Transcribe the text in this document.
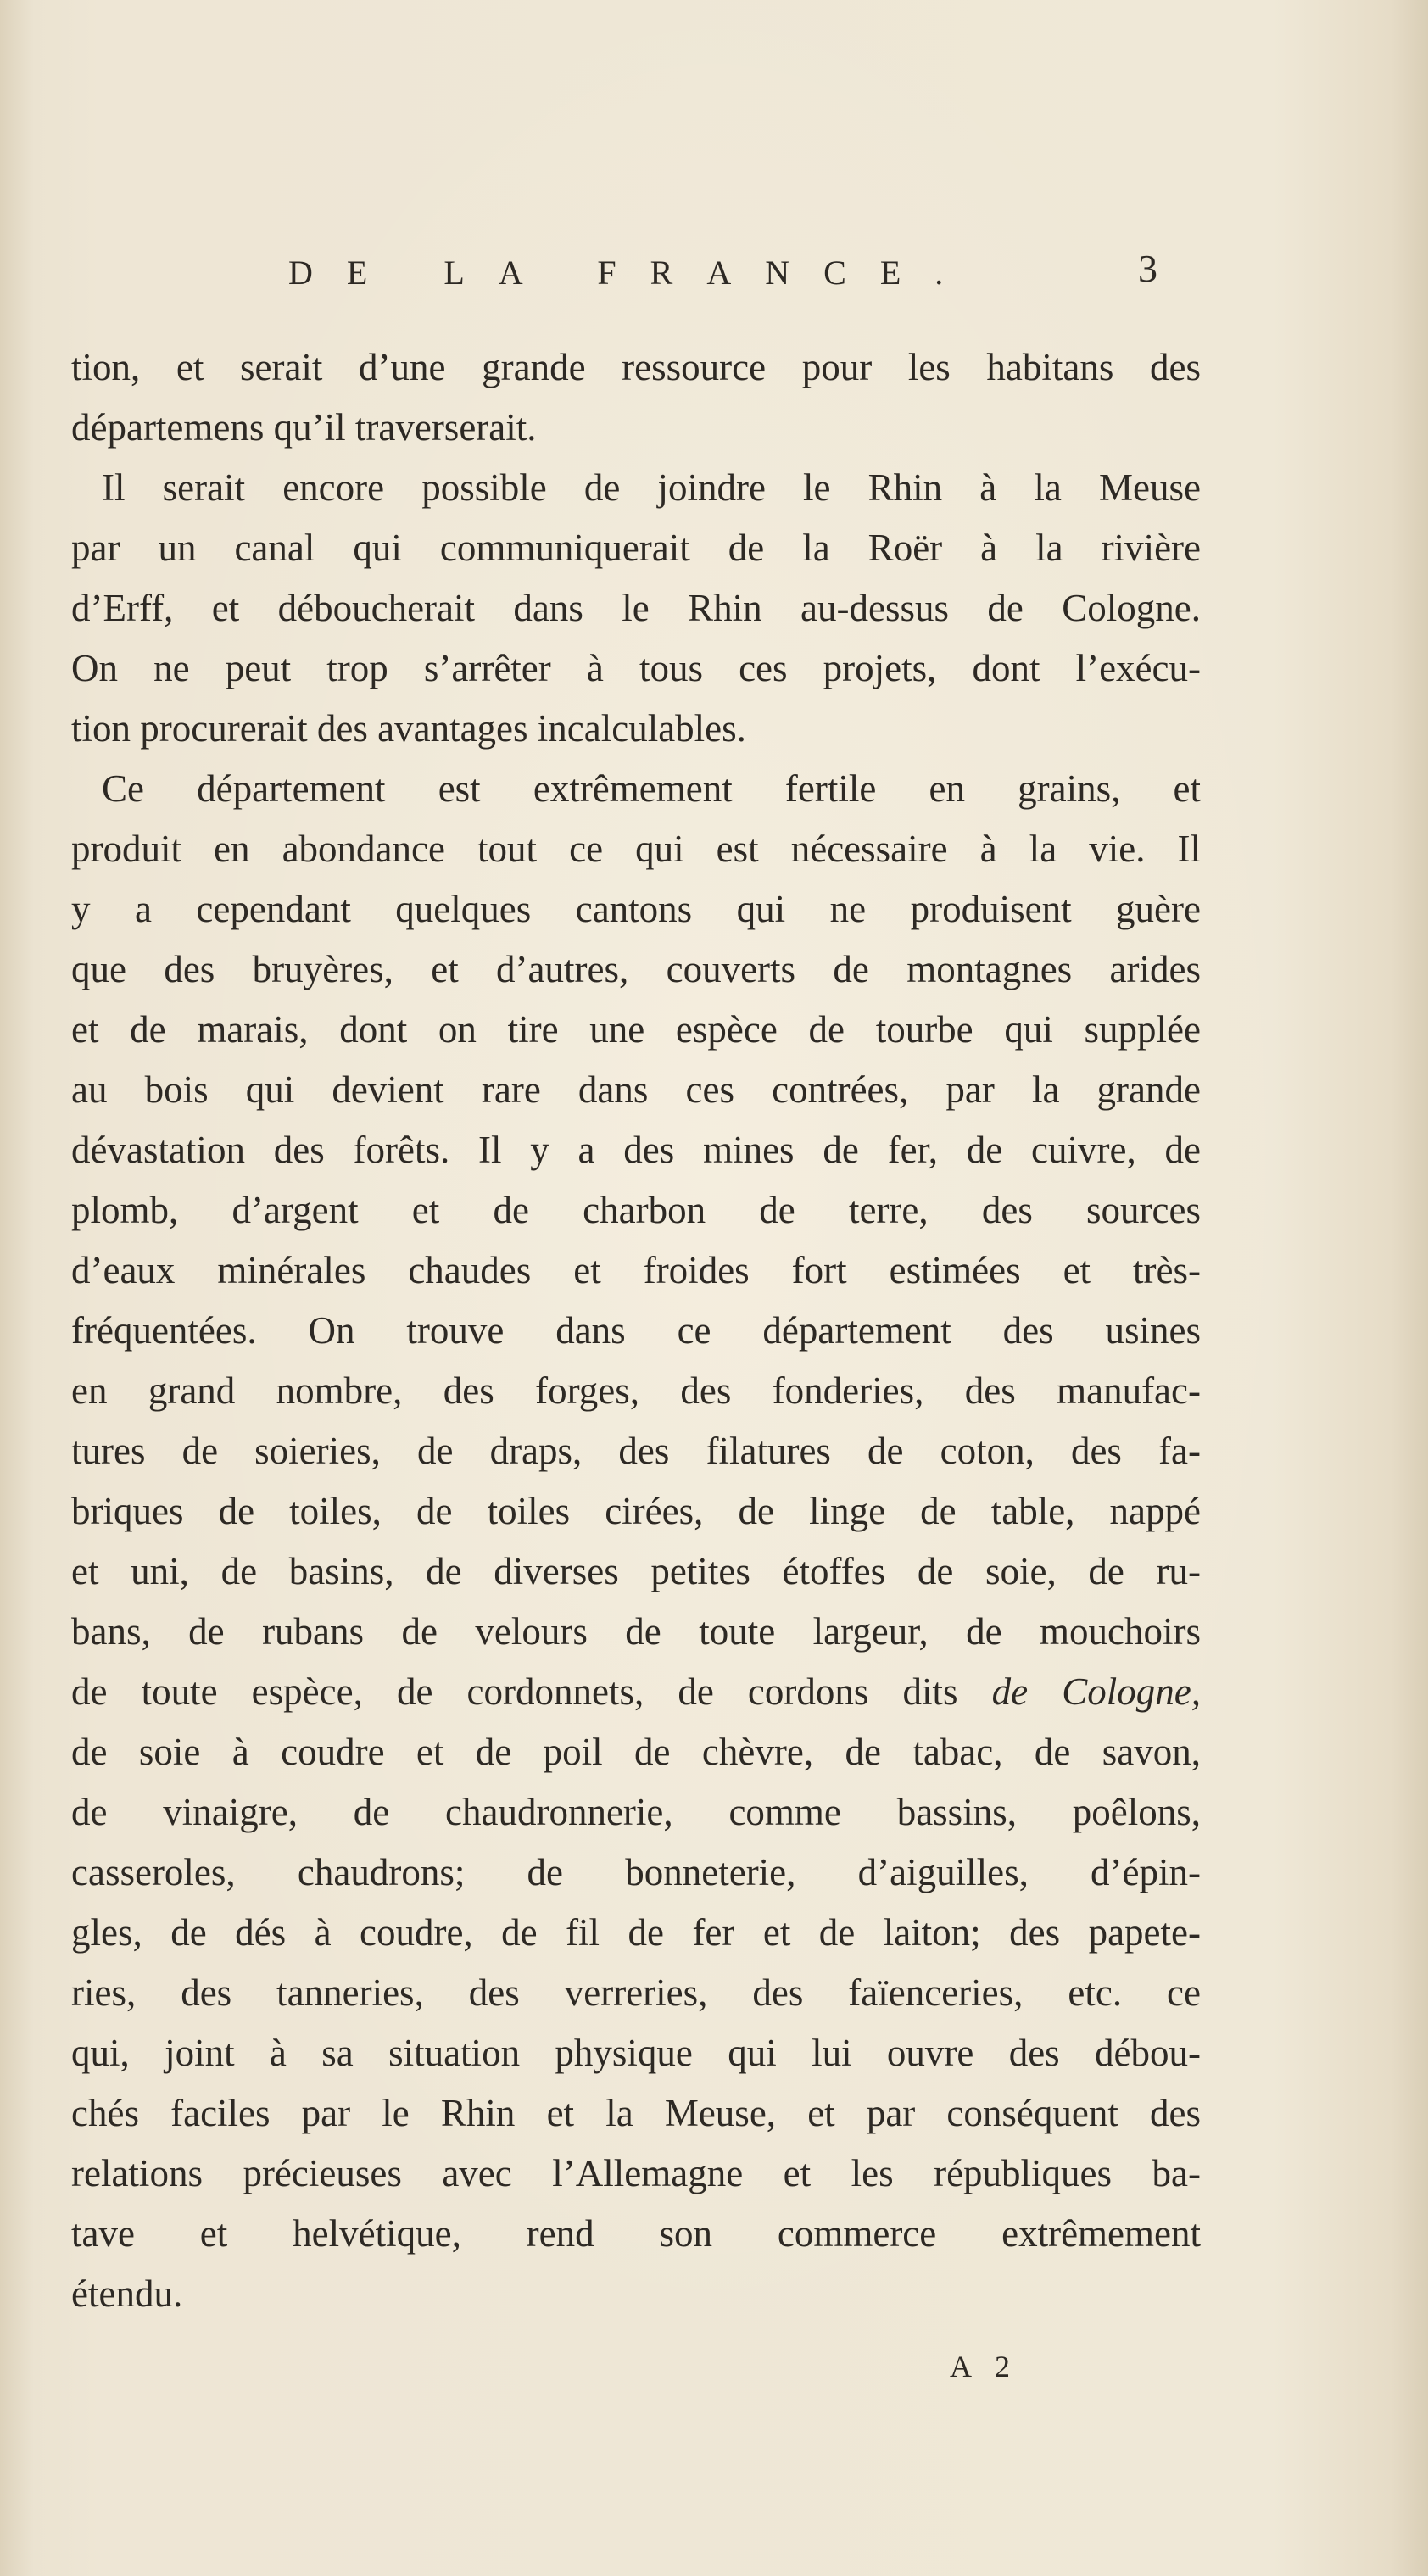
DE LA FRANCE.	3
tion, et serait d’une grande ressource pour les habitans des
départemens qu’il traverserait.
Il serait encore possible de joindre le Rhin à la Meuse
par un canal qui communiquerait de la Roër à la rivière
d’Erff, et déboucherait dans le Rhin au-dessus de Cologne.
On ne peut trop s’arrêter à tous ces projets, dont l’exécu-
tion procurerait des avantages incalculables.
Ce département est extrêmement fertile en grains, et
produit en abondance tout ce qui est nécessaire à la vie. Il
y a cependant quelques cantons qui ne produisent guère
que des bruyères, et d’autres, couverts de montagnes arides
et de marais, dont on tire une espèce de tourbe qui supplée
au bois qui devient rare dans ces contrées, par la grande
dévastation des forêts. Il y a des mines de fer, de cuivre, de
plomb, d’argent et de charbon de terre, des sources
d’eaux minérales chaudes et froides fort estimées et très-
fréquentées. On trouve dans ce département des usines
en grand nombre, des forges, des fonderies, des manufac-
tures de soieries, de draps, des filatures de coton, des fa-
briques de toiles, de toiles cirées, de linge de table, nappé
et uni, de basins, de diverses petites étoffes de soie, de ru-
bans, de rubans de velours de toute largeur, de mouchoirs
de toute espèce, de cordonnets, de cordons dits de Cologne,
de soie à coudre et de poil de chèvre, de tabac, de savon,
de vinaigre, de chaudronnerie, comme bassins, poêlons,
casseroles, chaudrons; de bonneterie, d’aiguilles, d’épin-
gles, de dés à coudre, de fil de fer et de laiton; des papete-
ries, des tanneries, des verreries, des faïenceries, etc. ce
qui, joint à sa situation physique qui lui ouvre des débou-
chés faciles par le Rhin et la Meuse, et par conséquent des
relations précieuses avec l’Allemagne et les républiques ba-
tave et helvétique, rend son commerce extrêmement
étendu.
A 2
